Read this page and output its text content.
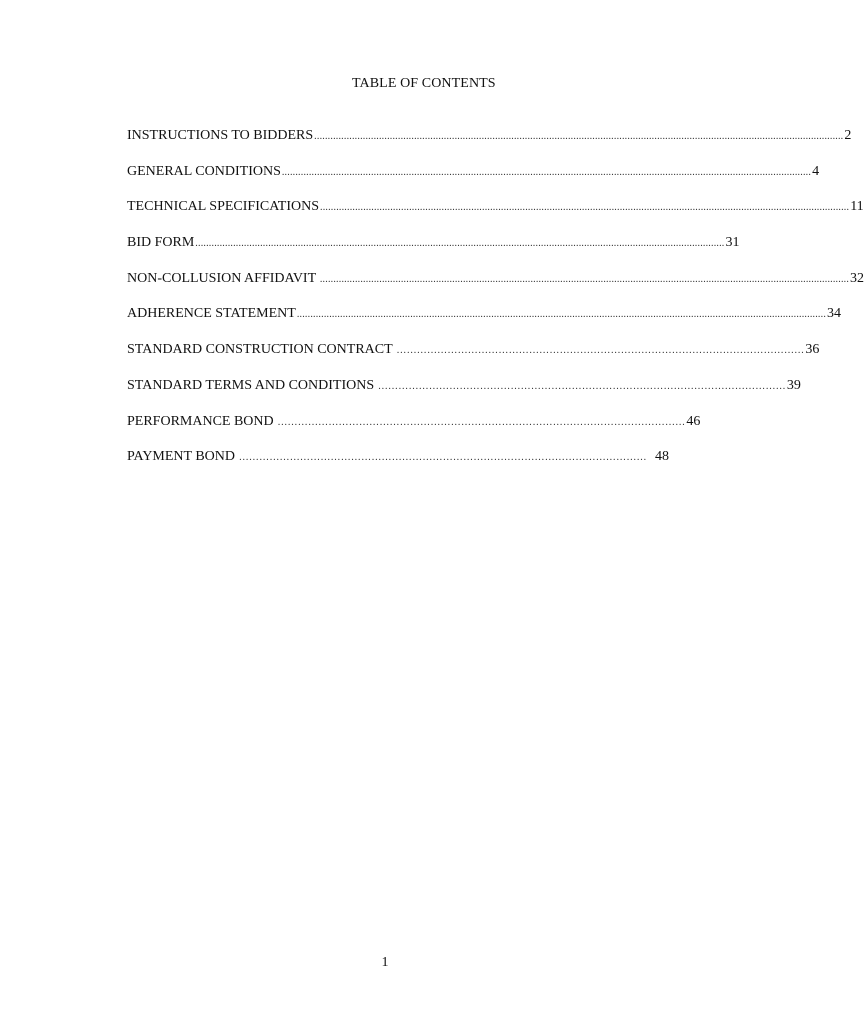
TABLE OF CONTENTS
INSTRUCTIONS TO BIDDERS .................................................................................................................................................................................................... 2
GENERAL CONDITIONS .................................................................................................................................................................................................... 4
TECHNICAL SPECIFICATIONS .................................................................................................................................................................................................... 11
BID FORM .................................................................................................................................................................................................... 31
NON-COLLUSION AFFIDAVIT .................................................................................................................................................................................................... 32
ADHERENCE STATEMENT .................................................................................................................................................................................................... 34
STANDARD CONSTRUCTION CONTRACT ………………………………………………………………………………………………………… 36
STANDARD TERMS AND CONDITIONS ………………………………………………………………………………………………………… 39
PERFORMANCE BOND ………………………………………………………………………………………………………… 46
PAYMENT BOND ………………………………………………………………………………………………………… 48
1
